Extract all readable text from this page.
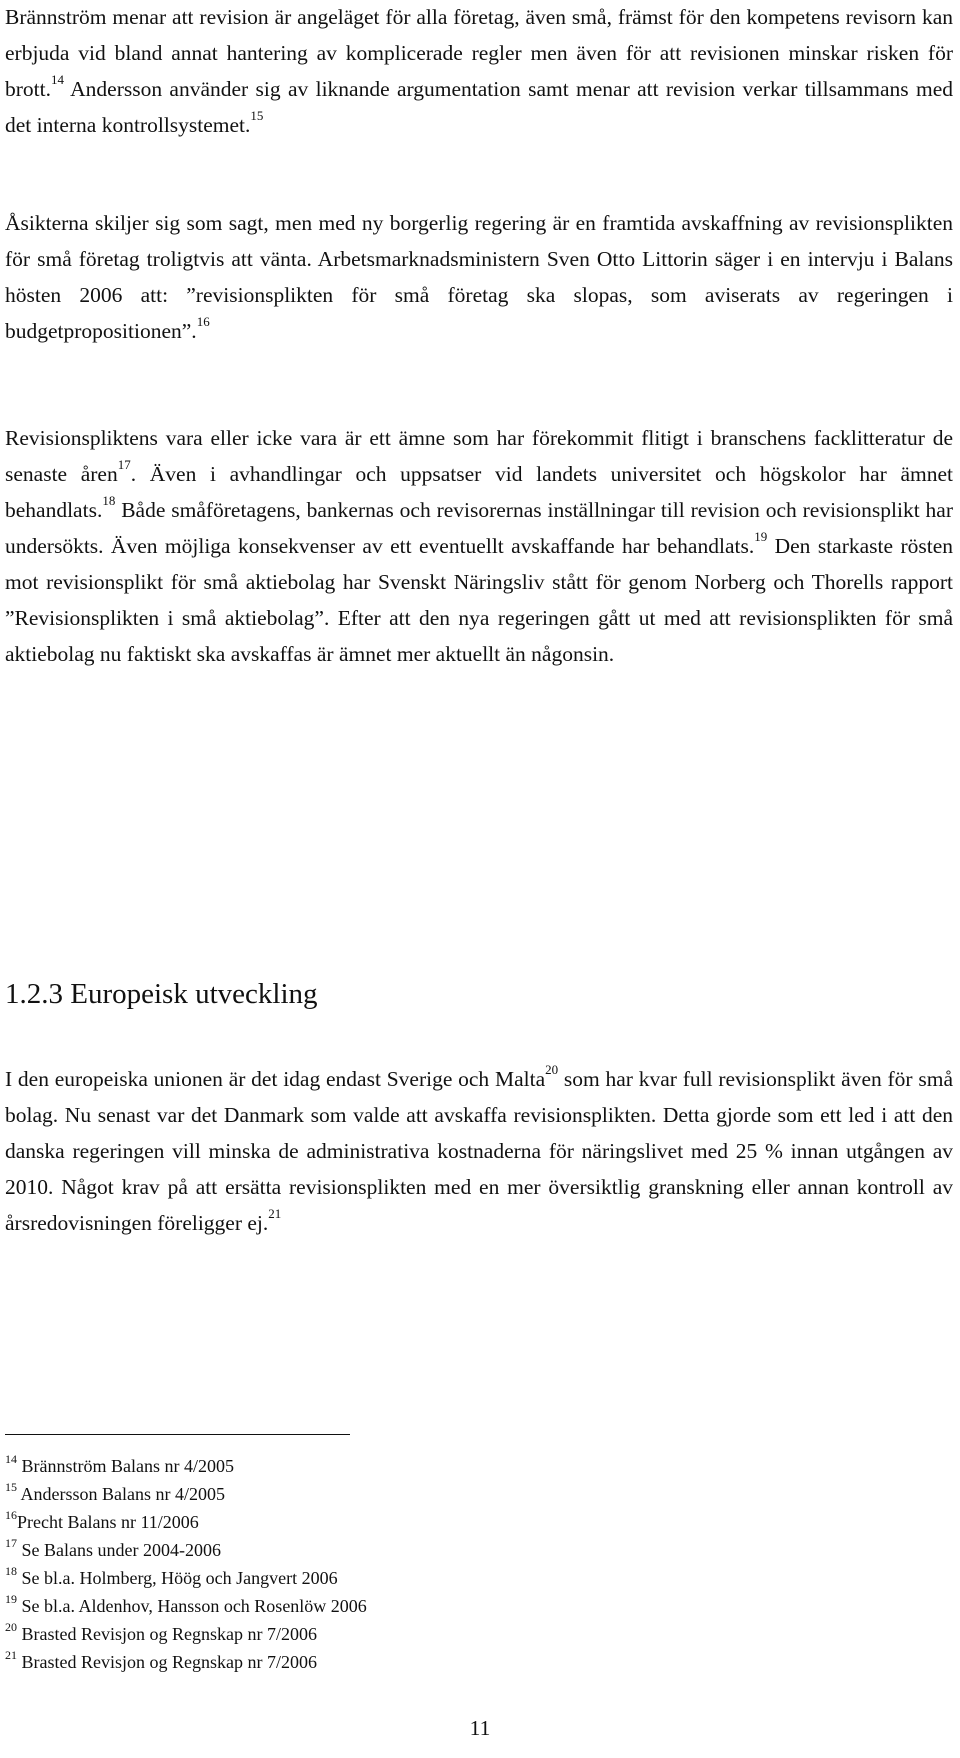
Brännström menar att revision är angeläget för alla företag, även små, främst för den kompetens revisorn kan erbjuda vid bland annat hantering av komplicerade regler men även för att revisionen minskar risken för brott.$^{14}$ Andersson använder sig av liknande argumentation samt menar att revision verkar tillsammans med det interna kontrollsystemet.$^{15}$

Åsikterna skiljer sig som sagt, men med ny borgerlig regering är en framtida avskaffning av revisionsplikten för små företag troligtvis att vänta. Arbetsmarknadsministern Sven Otto Littorin säger i en intervju i Balans hösten 2006 att: ”revisionsplikten för små företag ska slopas, som aviserats av regeringen i budgetpropositionen”.$^{16}$

Revisionspliktens vara eller icke vara är ett ämne som har förekommit flitigt i branschens facklitteratur de senaste åren$^{17}$. Även i avhandlingar och uppsatser vid landets universitet och högskolor har ämnet behandlats.$^{18}$ Både småföretagens, bankernas och revisorernas inställningar till revision och revisionsplikt har undersökts. Även möjliga konsekvenser av ett eventuellt avskaffande har behandlats.$^{19}$ Den starkaste rösten mot revisionsplikt för små aktiebolag har Svenskt Näringsliv stått för genom Norberg och Thorells rapport ”Revisionsplikten i små aktiebolag”. Efter att den nya regeringen gått ut med att revisionsplikten för små aktiebolag nu faktiskt ska avskaffas är ämnet mer aktuellt än någonsin.

1.2.3 Europeisk utveckling

I den europeiska unionen är det idag endast Sverige och Malta$^{20}$ som har kvar full revisionsplikt även för små bolag. Nu senast var det Danmark som valde att avskaffa revisionsplikten. Detta gjorde som ett led i att den danska regeringen vill minska de administrativa kostnaderna för näringslivet med 25 % innan utgången av 2010. Något krav på att ersätta revisionsplikten med en mer översiktlig granskning eller annan kontroll av årsredovisningen föreligger ej.$^{21}$

$^{14}$ Brännström Balans nr 4/2005
$^{15}$ Andersson Balans nr 4/2005
$^{16}$Precht Balans nr 11/2006
$^{17}$ Se Balans under 2004-2006
$^{18}$ Se bl.a. Holmberg, Höög och Jangvert 2006
$^{19}$ Se bl.a. Aldenhov, Hansson och Rosenlöw 2006
$^{20}$ Brasted Revisjon og Regnskap nr 7/2006
$^{21}$ Brasted Revisjon og Regnskap nr 7/2006
11
